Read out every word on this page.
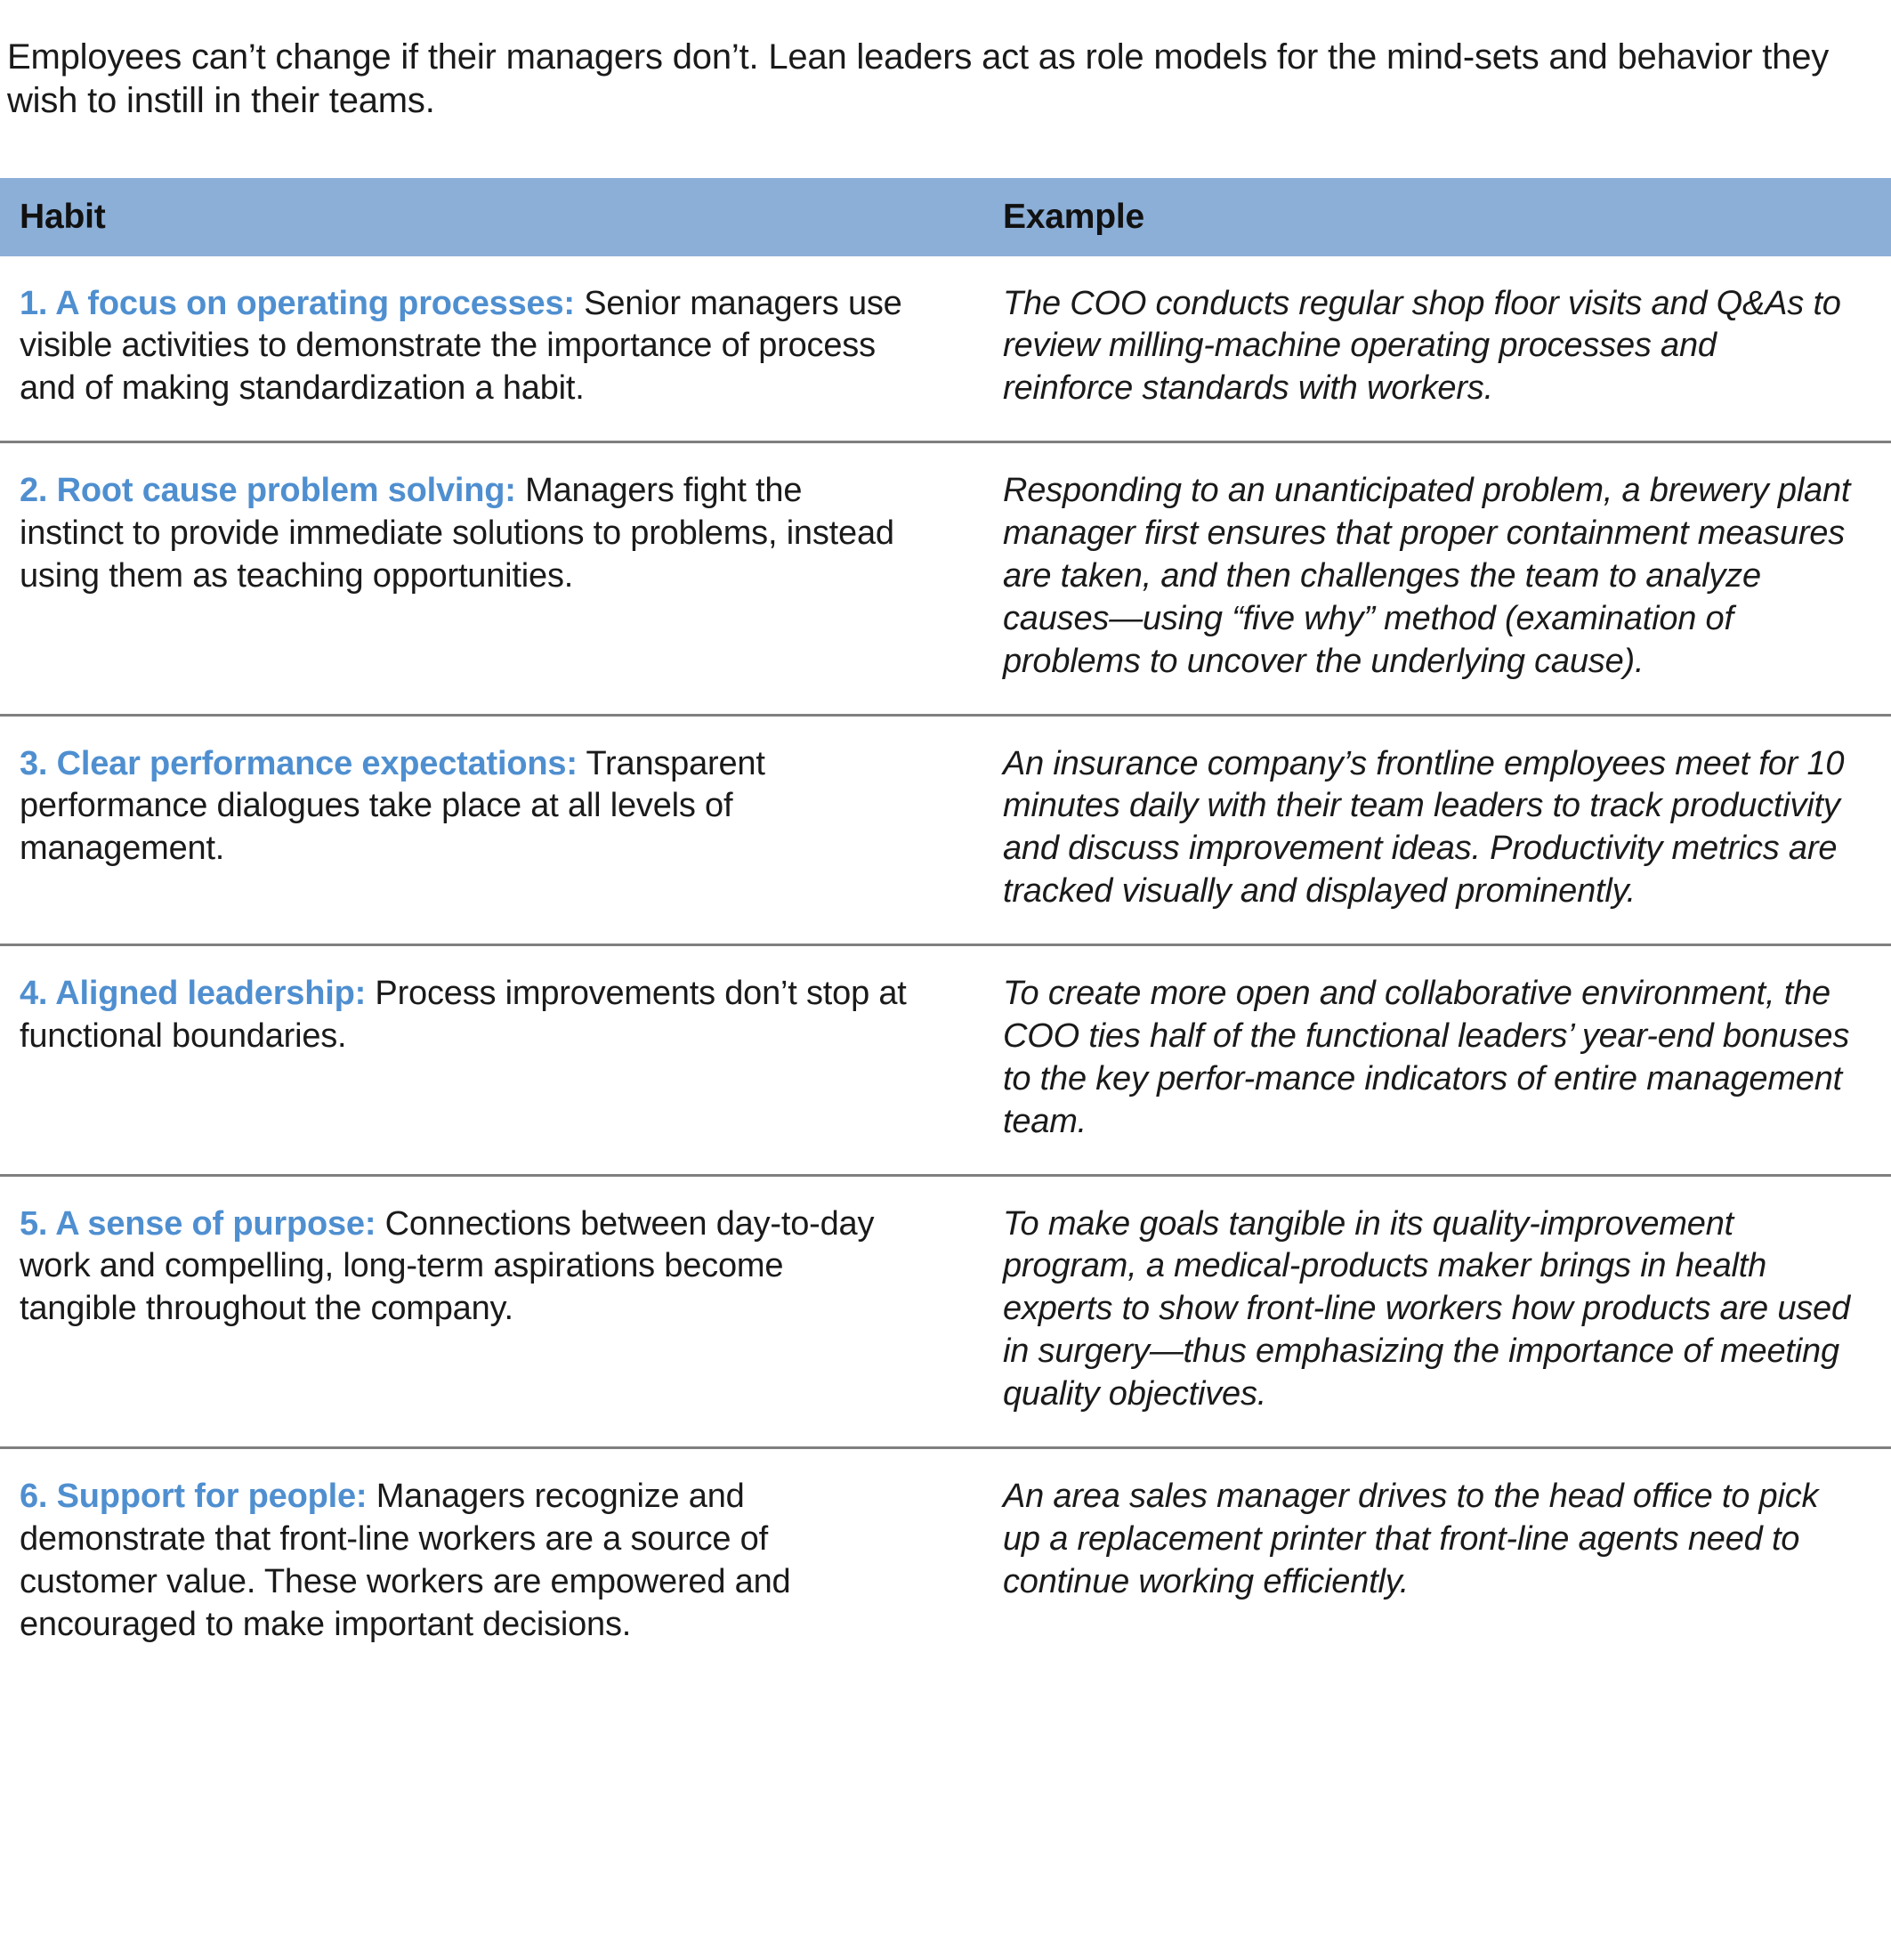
Employees can’t change if their managers don’t. Lean leaders act as role models for the mind-sets and behavior they wish to instill in their teams.

Habit	Example
1. A focus on operating processes: Senior managers use visible activities to demonstrate the importance of process and of making standardization a habit.	The COO conducts regular shop floor visits and Q&As to review milling-machine operating processes and reinforce standards with workers.
2. Root cause problem solving: Managers fight the instinct to provide immediate solutions to problems, instead using them as teaching opportunities.	Responding to an unanticipated problem, a brewery plant manager first ensures that proper containment measures are taken, and then challenges the team to analyze causes—using “five why” method (examination of problems to uncover the underlying cause).
3. Clear performance expectations: Transparent performance dialogues take place at all levels of management.	An insurance company’s frontline employees meet for 10 minutes daily with their team leaders to track productivity and discuss improvement ideas. Productivity metrics are tracked visually and displayed prominently.
4. Aligned leadership: Process improvements don’t stop at functional boundaries.	To create more open and collaborative environment, the COO ties half of the functional leaders’ year-end bonuses to the key perfor-mance indicators of entire management team.
5. A sense of purpose: Connections between day-to-day work and compelling, long-term aspirations become tangible throughout the company.	To make goals tangible in its quality-improvement program, a medical-products maker brings in health experts to show front-line workers how products are used in surgery—thus emphasizing the importance of meeting quality objectives.
6. Support for people: Managers recognize and demonstrate that front-line workers are a source of customer value. These workers are empowered and encouraged to make important decisions.	An area sales manager drives to the head office to pick up a replacement printer that front-line agents need to continue working efficiently.
